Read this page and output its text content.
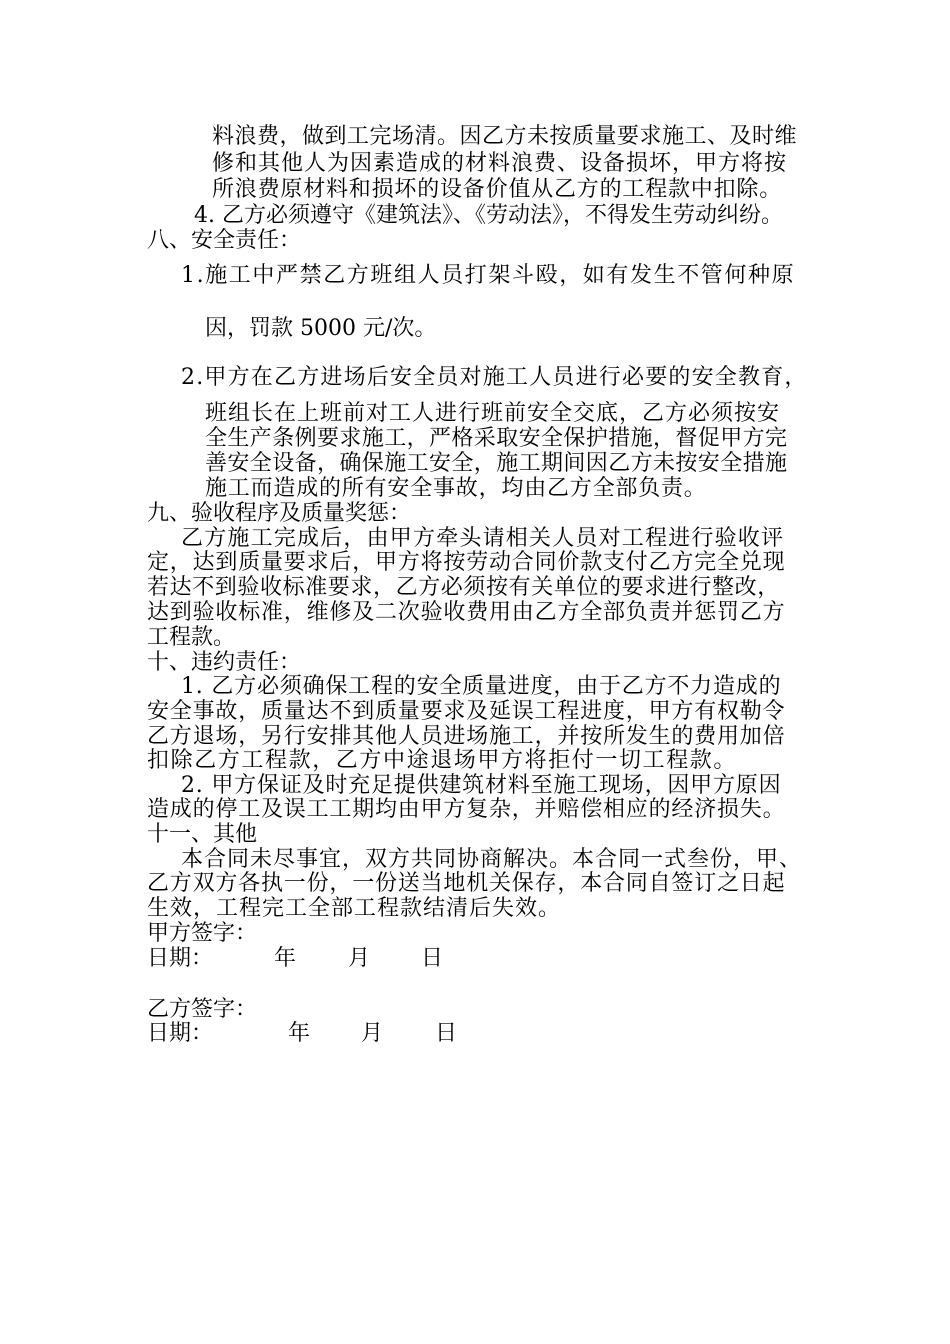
料浪费，做到工完场清。因乙方未按质量要求施工、及时维
修和其他人为因素造成的材料浪费、设备损坏，甲方将按
所浪费原材料和损坏的设备价值从乙方的工程款中扣除。
4. 乙方必须遵守《建筑法》、《劳动法》，不得发生劳动纠纷。
八、安全责任：
1.施工中严禁乙方班组人员打架斗殴，如有发生不管何种原
因，罚款 5000 元/次。
2.甲方在乙方进场后安全员对施工人员进行必要的安全教育，
班组长在上班前对工人进行班前安全交底，乙方必须按安
全生产条例要求施工，严格采取安全保护措施，督促甲方完
善安全设备，确保施工安全，施工期间因乙方未按安全措施
施工而造成的所有安全事故，均由乙方全部负责。
九、验收程序及质量奖惩：
乙方施工完成后，由甲方牵头请相关人员对工程进行验收评
定，达到质量要求后，甲方将按劳动合同价款支付乙方完全兑现
若达不到验收标准要求，乙方必须按有关单位的要求进行整改，
达到验收标准，维修及二次验收费用由乙方全部负责并惩罚乙方
工程款。
十、违约责任：
1. 乙方必须确保工程的安全质量进度，由于乙方不力造成的
安全事故，质量达不到质量要求及延误工程进度，甲方有权勒令
乙方退场，另行安排其他人员进场施工，并按所发生的费用加倍
扣除乙方工程款，乙方中途退场甲方将拒付一切工程款。
2. 甲方保证及时充足提供建筑材料至施工现场，因甲方原因
造成的停工及误工工期均由甲方复杂，并赔偿相应的经济损失。
十一、其他
本合同未尽事宜，双方共同协商解决。本合同一式叁份，甲、
乙方双方各执一份，一份送当地机关保存，本合同自签订之日起
生效，工程完工全部工程款结清后失效。
甲方签字：
日期：	年 月 日
乙方签字：
日期：	年 月 日
